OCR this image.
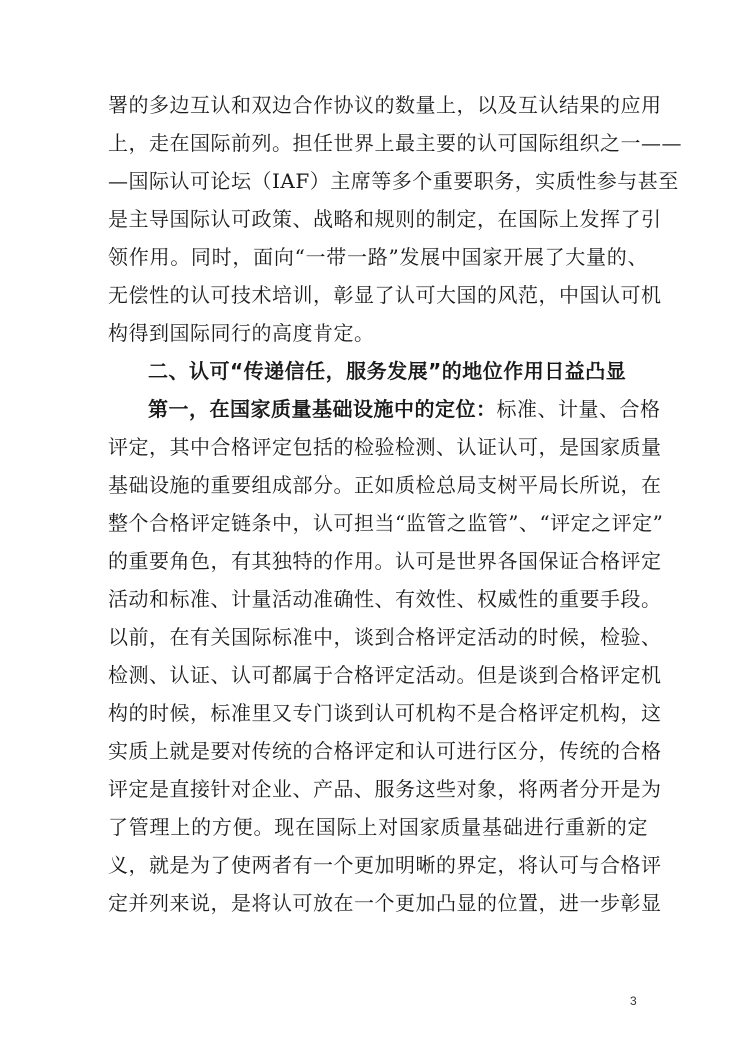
署的多边互认和双边合作协议的数量上，以及互认结果的应用
上，走在国际前列。担任世界上最主要的认可国际组织之一——
—国际认可论坛（IAF）主席等多个重要职务，实质性参与甚至
是主导国际认可政策、战略和规则的制定，在国际上发挥了引
领作用。同时，面向“一带一路”发展中国家开展了大量的、
无偿性的认可技术培训，彰显了认可大国的风范，中国认可机
构得到国际同行的高度肯定。
二、认可“传递信任，服务发展”的地位作用日益凸显
第一，在国家质量基础设施中的定位：标准、计量、合格
评定，其中合格评定包括的检验检测、认证认可，是国家质量
基础设施的重要组成部分。正如质检总局支树平局长所说，在
整个合格评定链条中，认可担当“监管之监管”、“评定之评定”
的重要角色，有其独特的作用。认可是世界各国保证合格评定
活动和标准、计量活动准确性、有效性、权威性的重要手段。
以前，在有关国际标准中，谈到合格评定活动的时候，检验、
检测、认证、认可都属于合格评定活动。但是谈到合格评定机
构的时候，标准里又专门谈到认可机构不是合格评定机构，这
实质上就是要对传统的合格评定和认可进行区分，传统的合格
评定是直接针对企业、产品、服务这些对象，将两者分开是为
了管理上的方便。现在国际上对国家质量基础进行重新的定
义，就是为了使两者有一个更加明晰的界定，将认可与合格评
定并列来说，是将认可放在一个更加凸显的位置，进一步彰显
3
